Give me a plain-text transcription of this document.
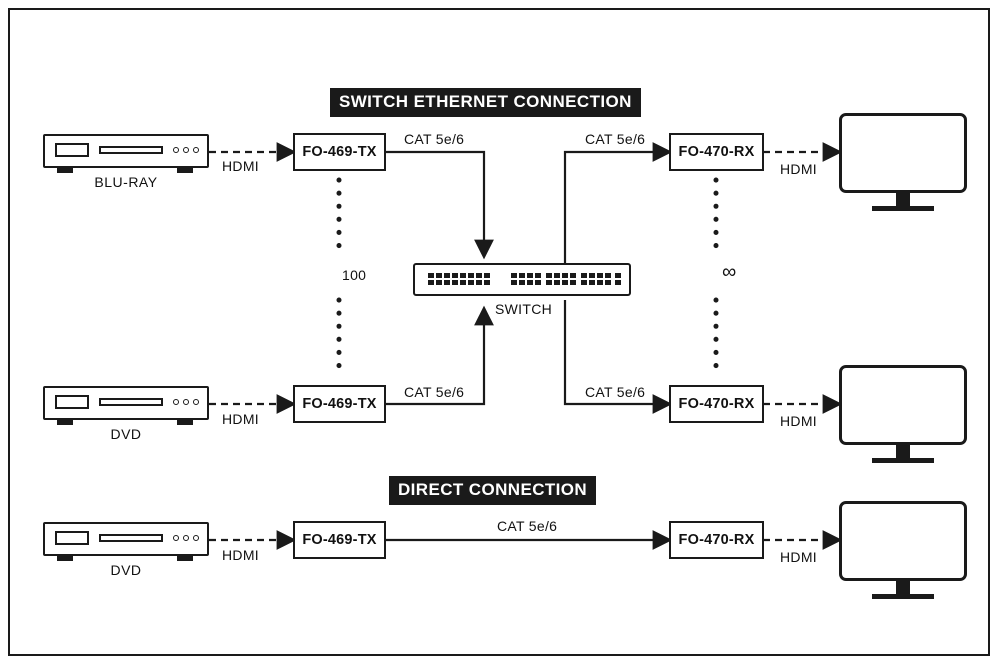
SWITCH ETHERNET CONNECTION
DIRECT CONNECTION
BLU-RAY
HDMI
FO-469-TX
CAT 5e/6	CAT 5e/6
FO-470-RX
HDMI
100	∞
SWITCH
DVD
HDMI
FO-469-TX
CAT 5e/6	CAT 5e/6
FO-470-RX
HDMI
DVD
HDMI
FO-469-TX
CAT 5e/6
FO-470-RX
HDMI
